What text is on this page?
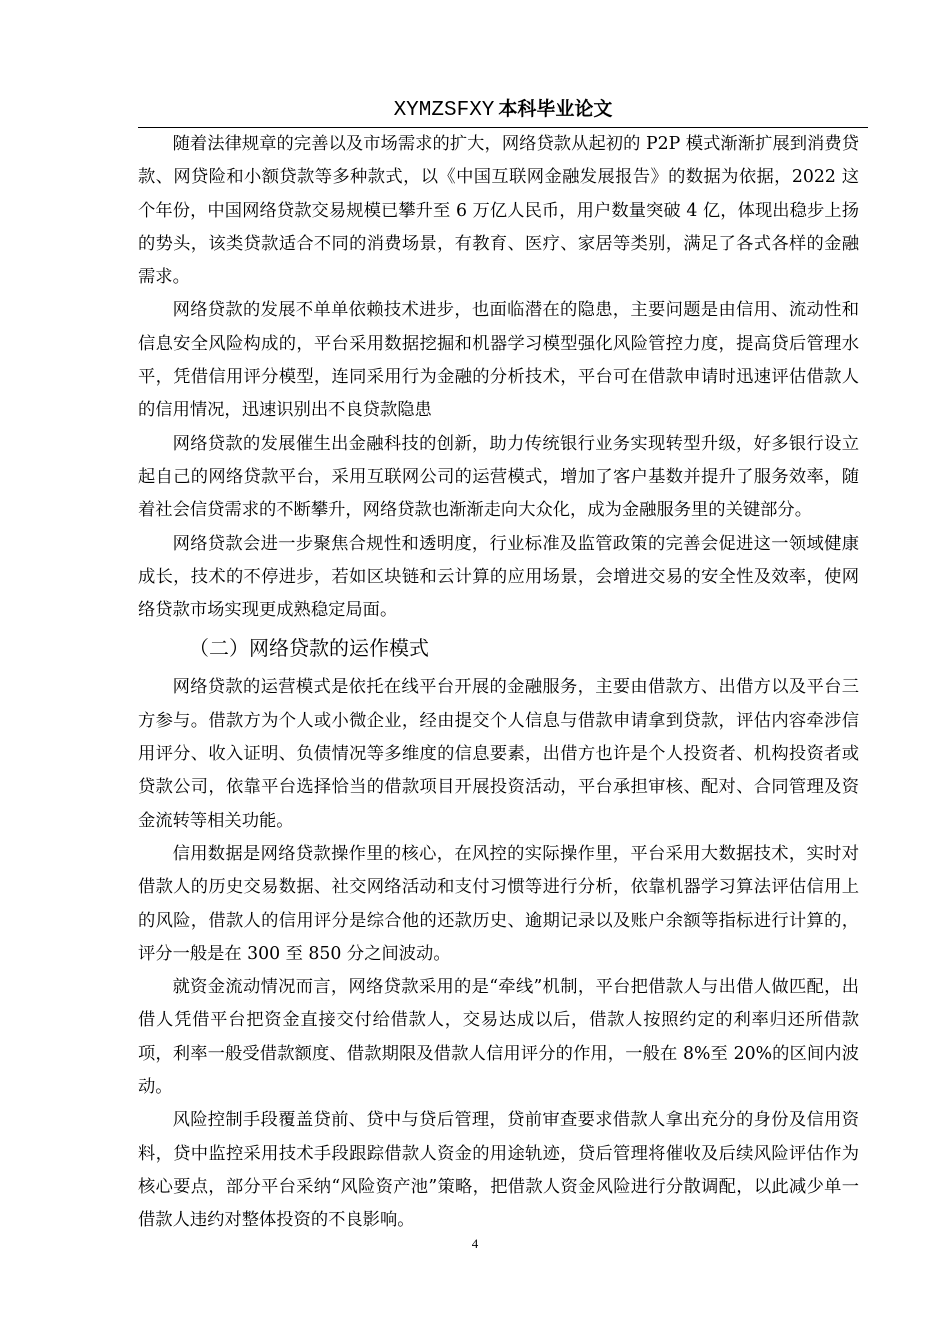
XYMZSFXY 本科毕业论文

随着法律规章的完善以及市场需求的扩大，网络贷款从起初的 P2P 模式渐渐扩展到消费贷款、网贷险和小额贷款等多种款式，以《中国互联网金融发展报告》的数据为依据，2022 这个年份，中国网络贷款交易规模已攀升至 6 万亿人民币，用户数量突破 4 亿，体现出稳步上扬的势头，该类贷款适合不同的消费场景，有教育、医疗、家居等类别，满足了各式各样的金融需求。

网络贷款的发展不单单依赖技术进步，也面临潜在的隐患，主要问题是由信用、流动性和信息安全风险构成的，平台采用数据挖掘和机器学习模型强化风险管控力度，提高贷后管理水平，凭借信用评分模型，连同采用行为金融的分析技术，平台可在借款申请时迅速评估借款人的信用情况，迅速识别出不良贷款隐患

网络贷款的发展催生出金融科技的创新，助力传统银行业务实现转型升级，好多银行设立起自己的网络贷款平台，采用互联网公司的运营模式，增加了客户基数并提升了服务效率，随着社会信贷需求的不断攀升，网络贷款也渐渐走向大众化，成为金融服务里的关键部分。

网络贷款会进一步聚焦合规性和透明度，行业标准及监管政策的完善会促进这一领域健康成长，技术的不停进步，若如区块链和云计算的应用场景，会增进交易的安全性及效率，使网络贷款市场实现更成熟稳定局面。

（二）网络贷款的运作模式

网络贷款的运营模式是依托在线平台开展的金融服务，主要由借款方、出借方以及平台三方参与。借款方为个人或小微企业，经由提交个人信息与借款申请拿到贷款，评估内容牵涉信用评分、收入证明、负债情况等多维度的信息要素，出借方也许是个人投资者、机构投资者或贷款公司，依靠平台选择恰当的借款项目开展投资活动，平台承担审核、配对、合同管理及资金流转等相关功能。

信用数据是网络贷款操作里的核心，在风控的实际操作里，平台采用大数据技术，实时对借款人的历史交易数据、社交网络活动和支付习惯等进行分析，依靠机器学习算法评估信用上的风险，借款人的信用评分是综合他的还款历史、逾期记录以及账户余额等指标进行计算的，评分一般是在 300 至 850 分之间波动。

就资金流动情况而言，网络贷款采用的是“牵线”机制，平台把借款人与出借人做匹配，出借人凭借平台把资金直接交付给借款人，交易达成以后，借款人按照约定的利率归还所借款项，利率一般受借款额度、借款期限及借款人信用评分的作用，一般在 8%至 20%的区间内波动。

风险控制手段覆盖贷前、贷中与贷后管理，贷前审查要求借款人拿出充分的身份及信用资料，贷中监控采用技术手段跟踪借款人资金的用途轨迹，贷后管理将催收及后续风险评估作为核心要点，部分平台采纳“风险资产池”策略，把借款人资金风险进行分散调配，以此减少单一借款人违约对整体投资的不良影响。

4
